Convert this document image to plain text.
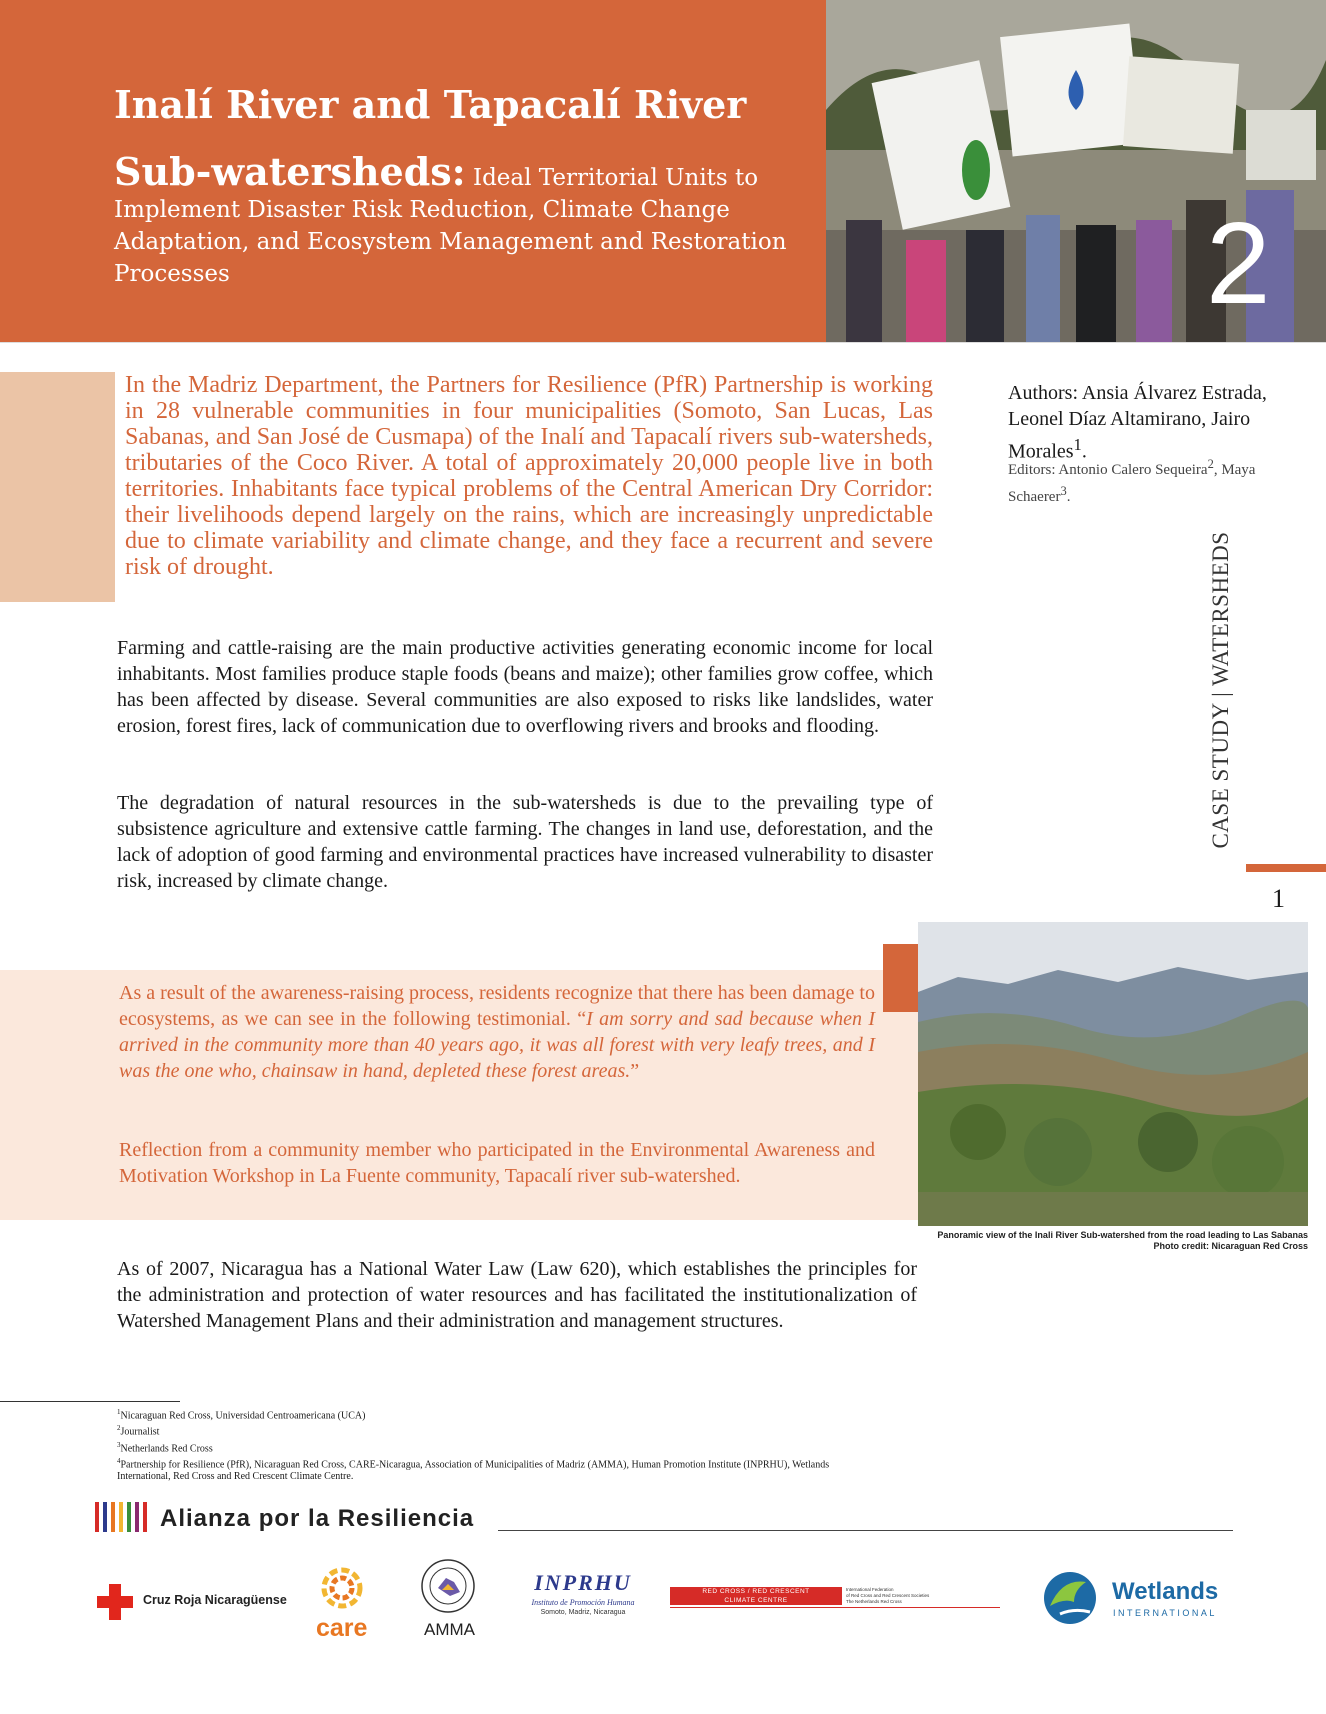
Inalí River and Tapacalí River
Sub-watersheds: Ideal Territorial Units to Implement Disaster Risk Reduction, Climate Change Adaptation, and Ecosystem Management and Restoration Processes	2
In the Madriz Department, the Partners for Resilience (PfR) Partnership is working in 28 vulnerable communities in four municipalities (Somoto, San Lucas, Las Sabanas, and San José de Cusmapa) of the Inalí and Tapacalí rivers sub-watersheds, tributaries of the Coco River. A total of approximately 20,000 people live in both territories. Inhabitants face typical problems of the Central American Dry Corridor: their livelihoods depend largely on the rains, which are increasingly unpredictable due to climate variability and climate change, and they face a recurrent and severe risk of drought.
Authors: Ansia Álvarez Estrada, Leonel Díaz Altamirano, Jairo Morales$^1$.
Editors: Antonio Calero Sequeira$^2$, Maya Schaerer$^3$.
CASE STUDY | WATERSHEDS
1
Farming and cattle-raising are the main productive activities generating economic income for local inhabitants. Most families produce staple foods (beans and maize); other families grow coffee, which has been affected by disease. Several communities are also exposed to risks like landslides, water erosion, forest fires, lack of communication due to overflowing rivers and brooks and flooding.
The degradation of natural resources in the sub-watersheds is due to the prevailing type of subsistence agriculture and extensive cattle farming. The changes in land use, deforestation, and the lack of adoption of good farming and environmental practices have increased vulnerability to disaster risk, increased by climate change.
As a result of the awareness-raising process, residents recognize that there has been damage to ecosystems, as we can see in the following testimonial. “I am sorry and sad because when I arrived in the community more than 40 years ago, it was all forest with very leafy trees, and I was the one who, chainsaw in hand, depleted these forest areas.”
Reflection from a community member who participated in the Environmental Awareness and Motivation Workshop in La Fuente community, Tapacalí river sub-watershed.
Panoramic view of the Inali River Sub-watershed from the road leading to Las Sabanas
Photo credit: Nicaraguan Red Cross
As of 2007, Nicaragua has a National Water Law (Law 620), which establishes the principles for the administration and protection of water resources and has facilitated the institutionalization of Watershed Management Plans and their administration and management structures.
$^1$Nicaraguan Red Cross, Universidad Centroamericana (UCA)
$^2$Journalist
$^3$Netherlands Red Cross
$^4$Partnership for Resilience (PfR), Nicaraguan Red Cross, CARE-Nicaragua, Association of Municipalities of Madriz (AMMA), Human Promotion Institute (INPRHU), Wetlands International, Red Cross and Red Crescent Climate Centre.
Alianza por la Resiliencia
Cruz Roja Nicaragüense
care	AMMA
INPRHU
Instituto de Promoción Humana
Somoto, Madriz, Nicaragua
RED CROSS / RED CRESCENT
CLIMATE CENTRE
International Federation
of Red Cross and Red Crescent Societies
The Netherlands Red Cross	Wetlands
INTERNATIONAL
